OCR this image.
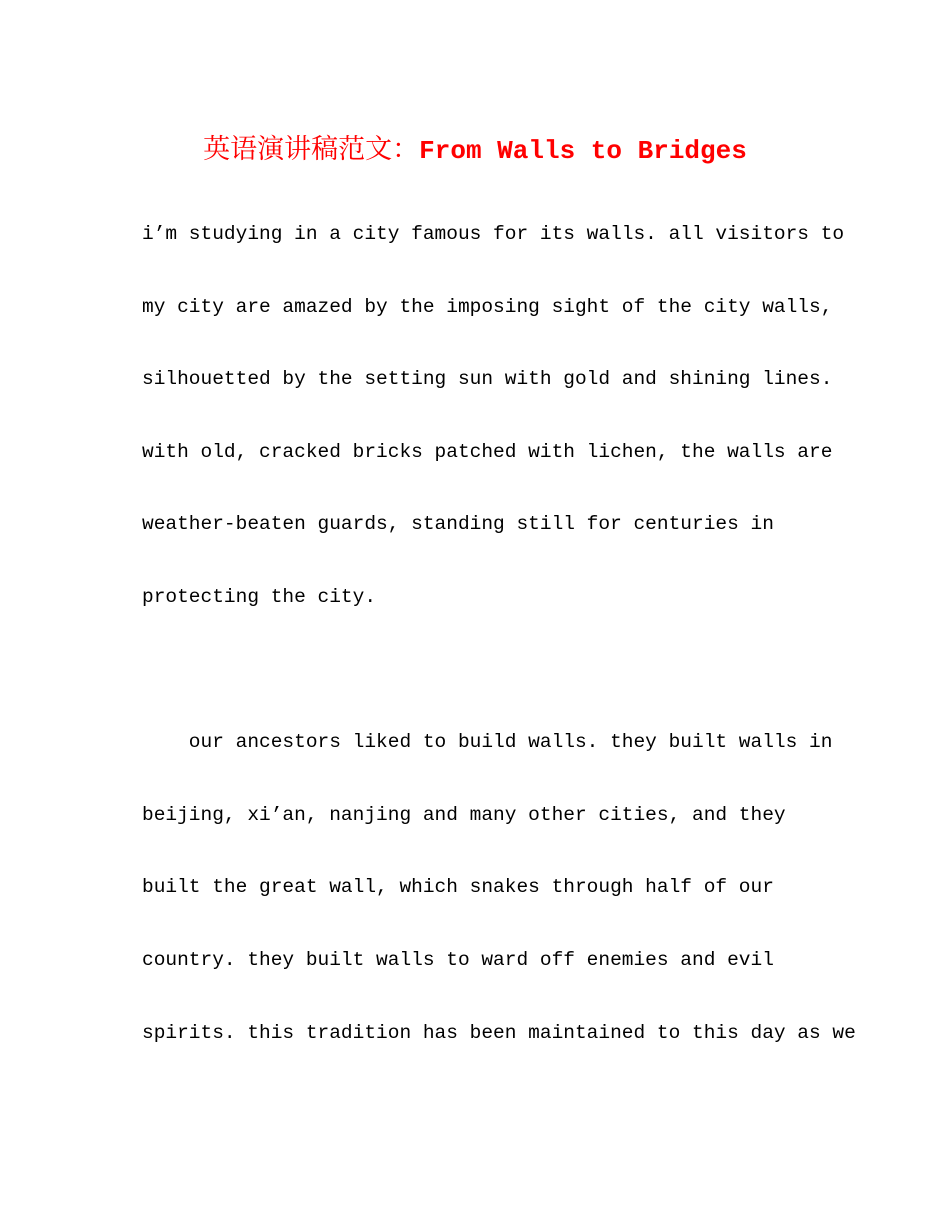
英语演讲稿范文：From Walls to Bridges
i’m studying in a city famous for its walls. all visitors to
my city are amazed by the imposing sight of the city walls,
silhouetted by the setting sun with gold and shining lines.
with old, cracked bricks patched with lichen, the walls are
weather-beaten guards, standing still for centuries in
protecting the city.
our ancestors liked to build walls. they built walls in
beijing, xi’an, nanjing and many other cities, and they
built the great wall, which snakes through half of our
country. they built walls to ward off enemies and evil
spirits. this tradition has been maintained to this day as we
